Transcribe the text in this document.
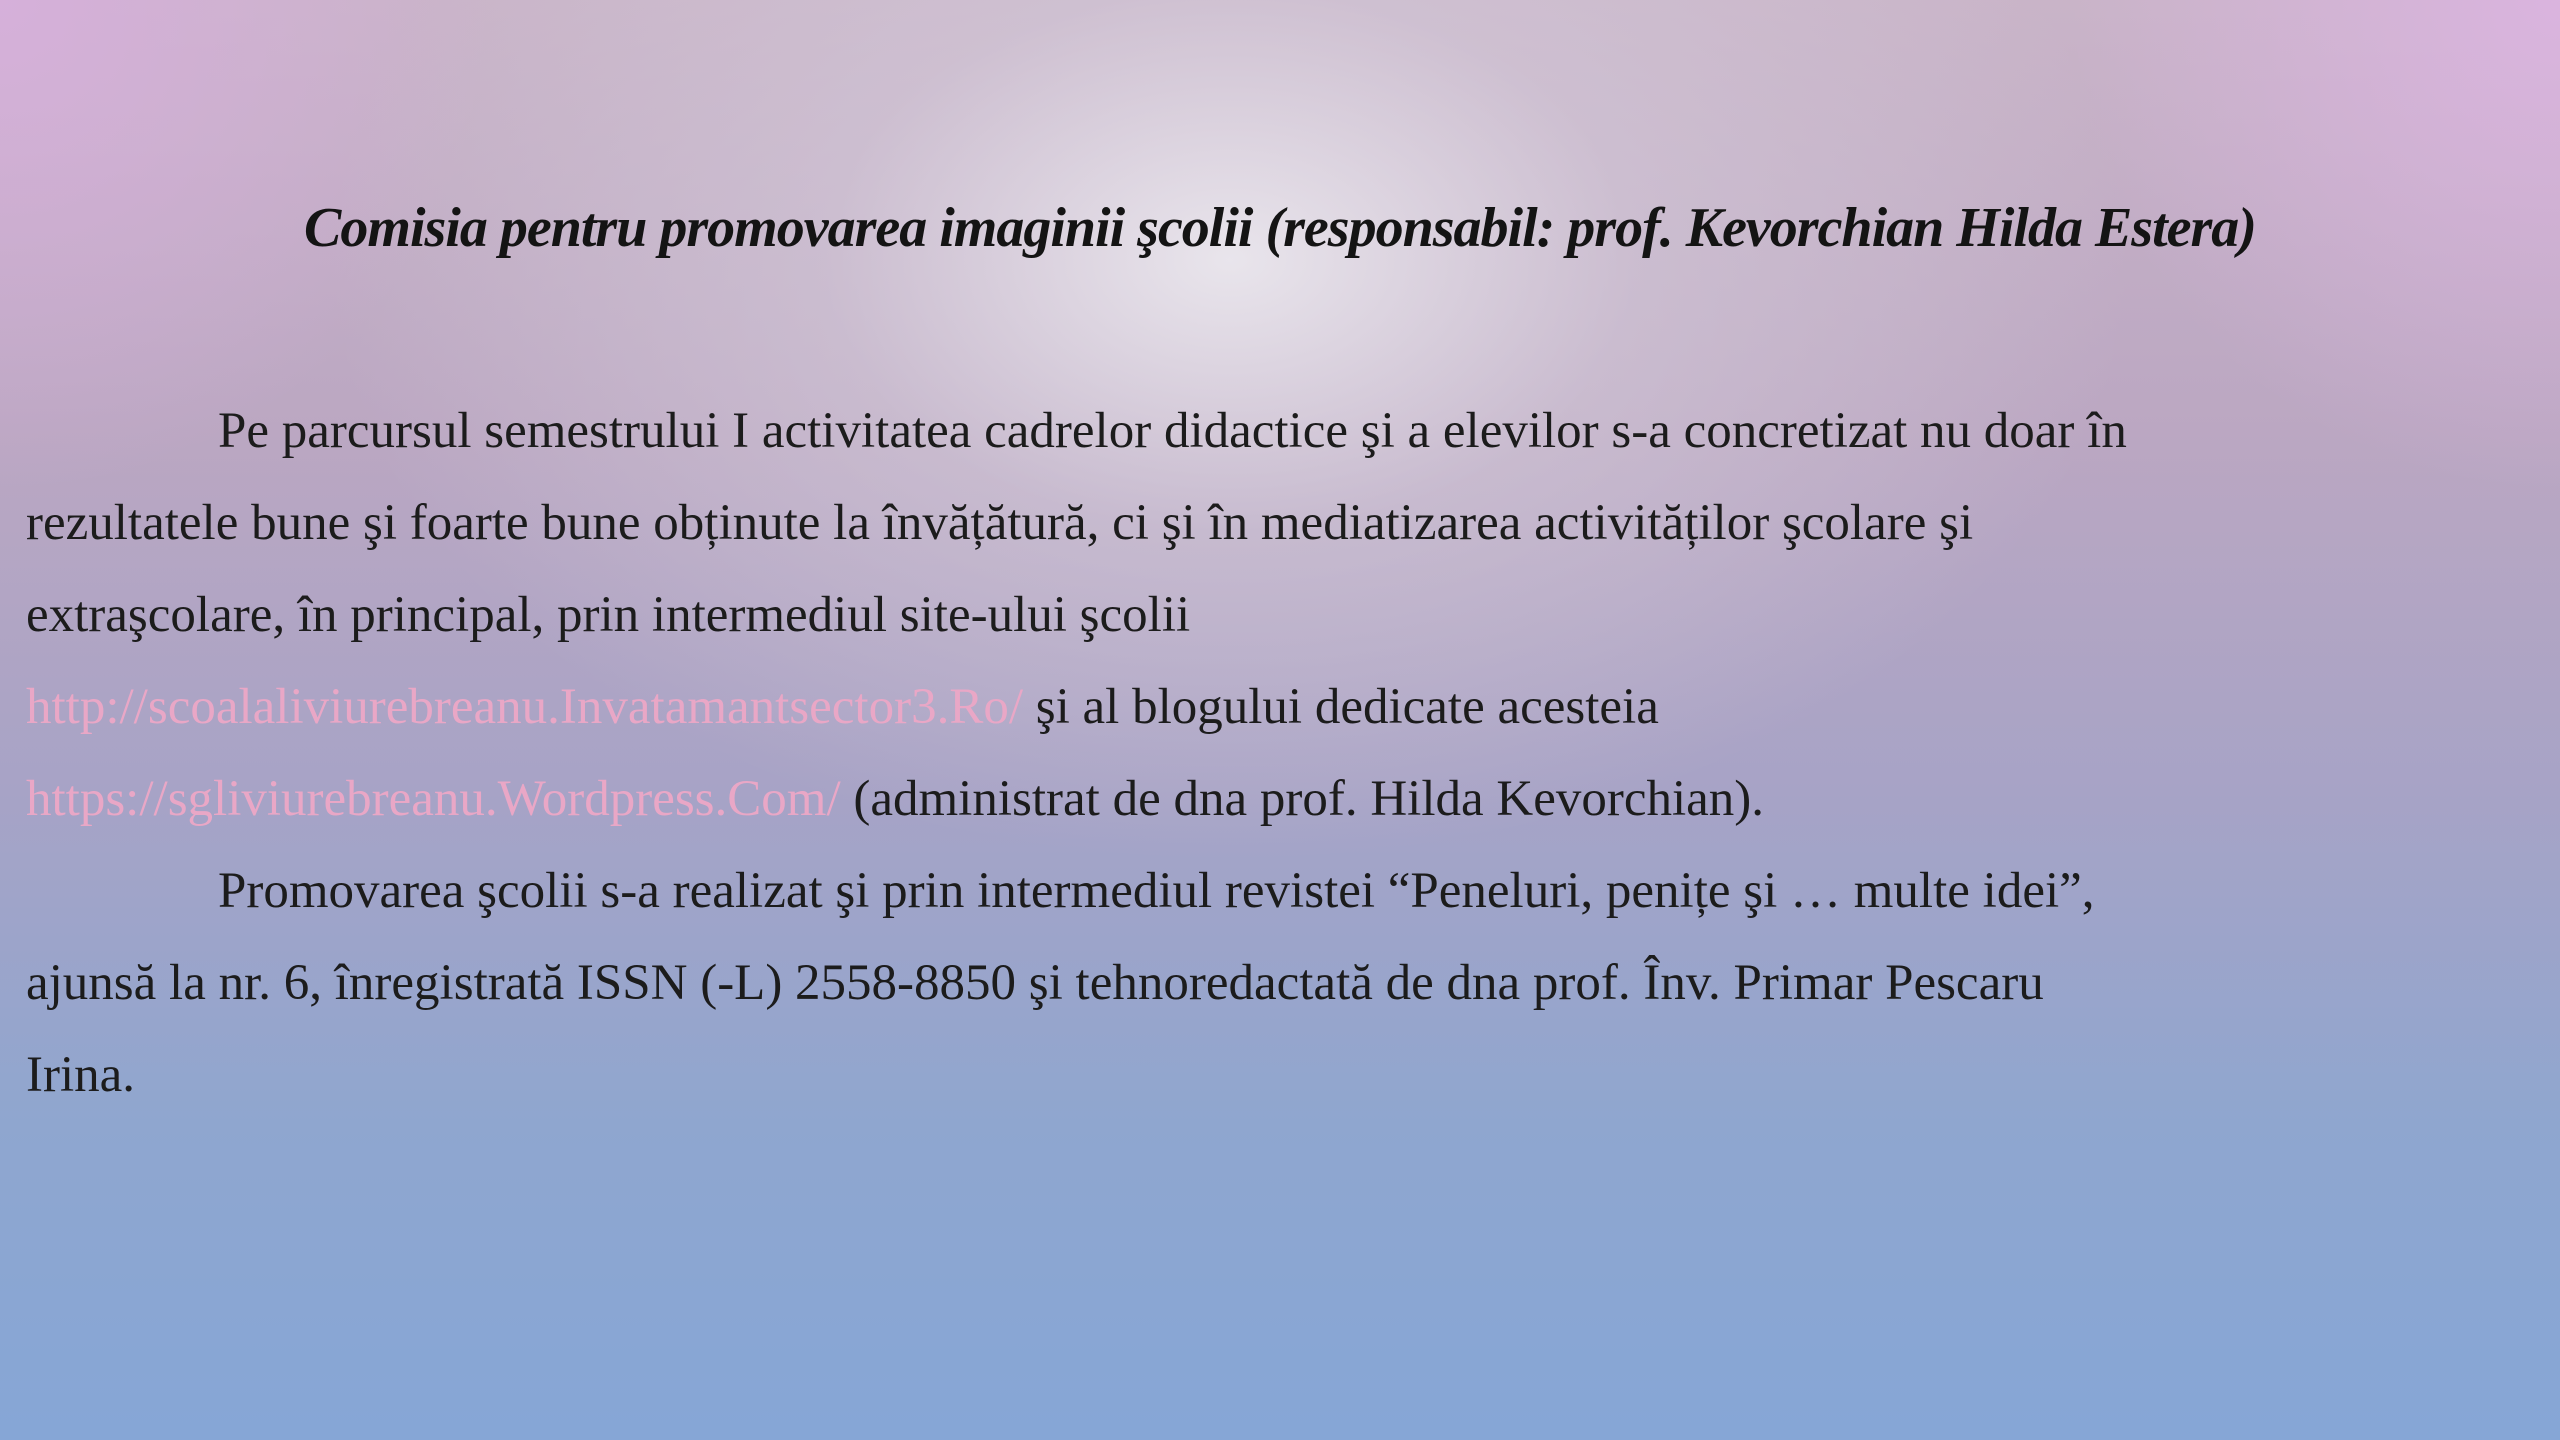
Comisia pentru promovarea imaginii şcolii (responsabil: prof. Kevorchian Hilda Estera)

Pe parcursul semestrului I activitatea cadrelor didactice şi a elevilor s-a concretizat nu doar în
rezultatele bune şi foarte bune obținute la învățătură, ci şi în mediatizarea activităților şcolare şi
extraşcolare, în principal, prin intermediul site-ului şcolii
http://scoalaliviurebreanu.Invatamantsector3.Ro/ şi al blogului dedicate acesteia
https://sgliviurebreanu.Wordpress.Com/ (administrat de dna prof. Hilda Kevorchian).

Promovarea şcolii s-a realizat şi prin intermediul revistei “Peneluri, penițe şi … multe idei”,
ajunsă la nr. 6, înregistrată ISSN (-L) 2558-8850 şi tehnoredactată de dna prof. Înv. Primar Pescaru
Irina.
